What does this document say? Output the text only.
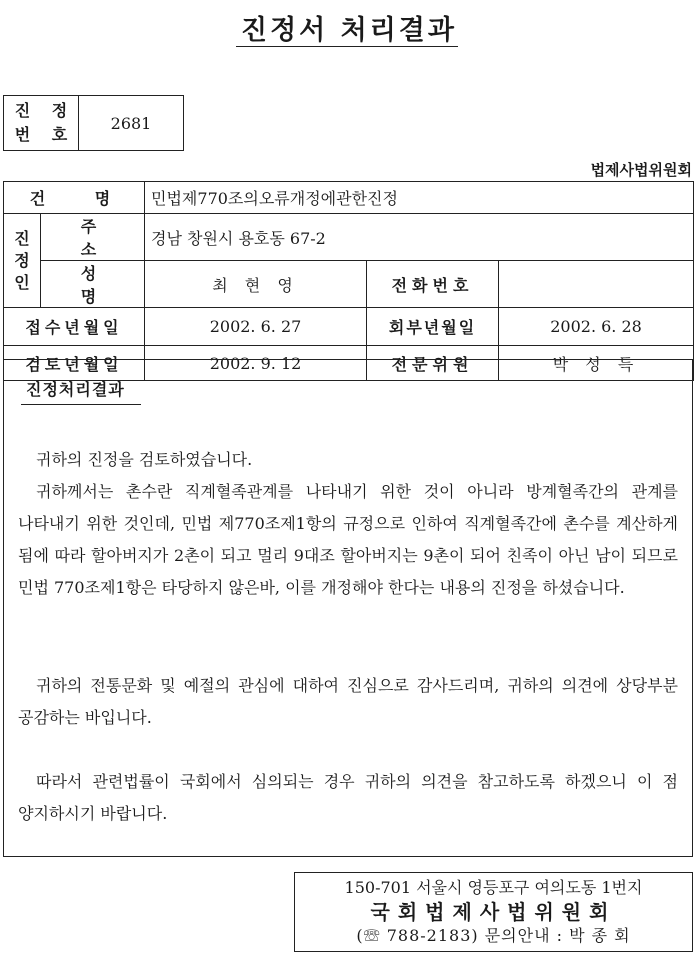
진정서 처리결과
진 정
번 호
2681
법제사법위원회
건 명		민법제770조의오류개정에관한진정		
진
정
인	주 소	경남 창원시 용호동 67-2		
	성 명	최 현 영	전화번호	
접수년월일		2002. 6. 27	회부년월일	2002. 6. 28
검토년월일		2002. 9. 12	전문위원	박 성 득
진정처리결과

귀하의 진정을 검토하였습니다.

귀하께서는 촌수란 직계혈족관계를 나타내기 위한 것이 아니라 방계혈족간의 관계를 나타내기 위한 것인데, 민법 제770조제1항의 규정으로 인하여 직계혈족간에 촌수를 계산하게 됨에 따라 할아버지가 2촌이 되고 멀리 9대조 할아버지는 9촌이 되어 친족이 아닌 남이 되므로 민법 770조제1항은 타당하지 않은바, 이를 개정해야 한다는 내용의 진정을 하셨습니다.

귀하의 전통문화 및 예절의 관심에 대하여 진심으로 감사드리며, 귀하의 의견에 상당부분 공감하는 바입니다.

따라서 관련법률이 국회에서 심의되는 경우 귀하의 의견을 참고하도록 하겠으니 이 점 양지하시기 바랍니다.

150-701 서울시 영등포구 여의도동 1번지
국회법제사법위원회
(☏ 788-2183) 문의안내 : 박 종 회
